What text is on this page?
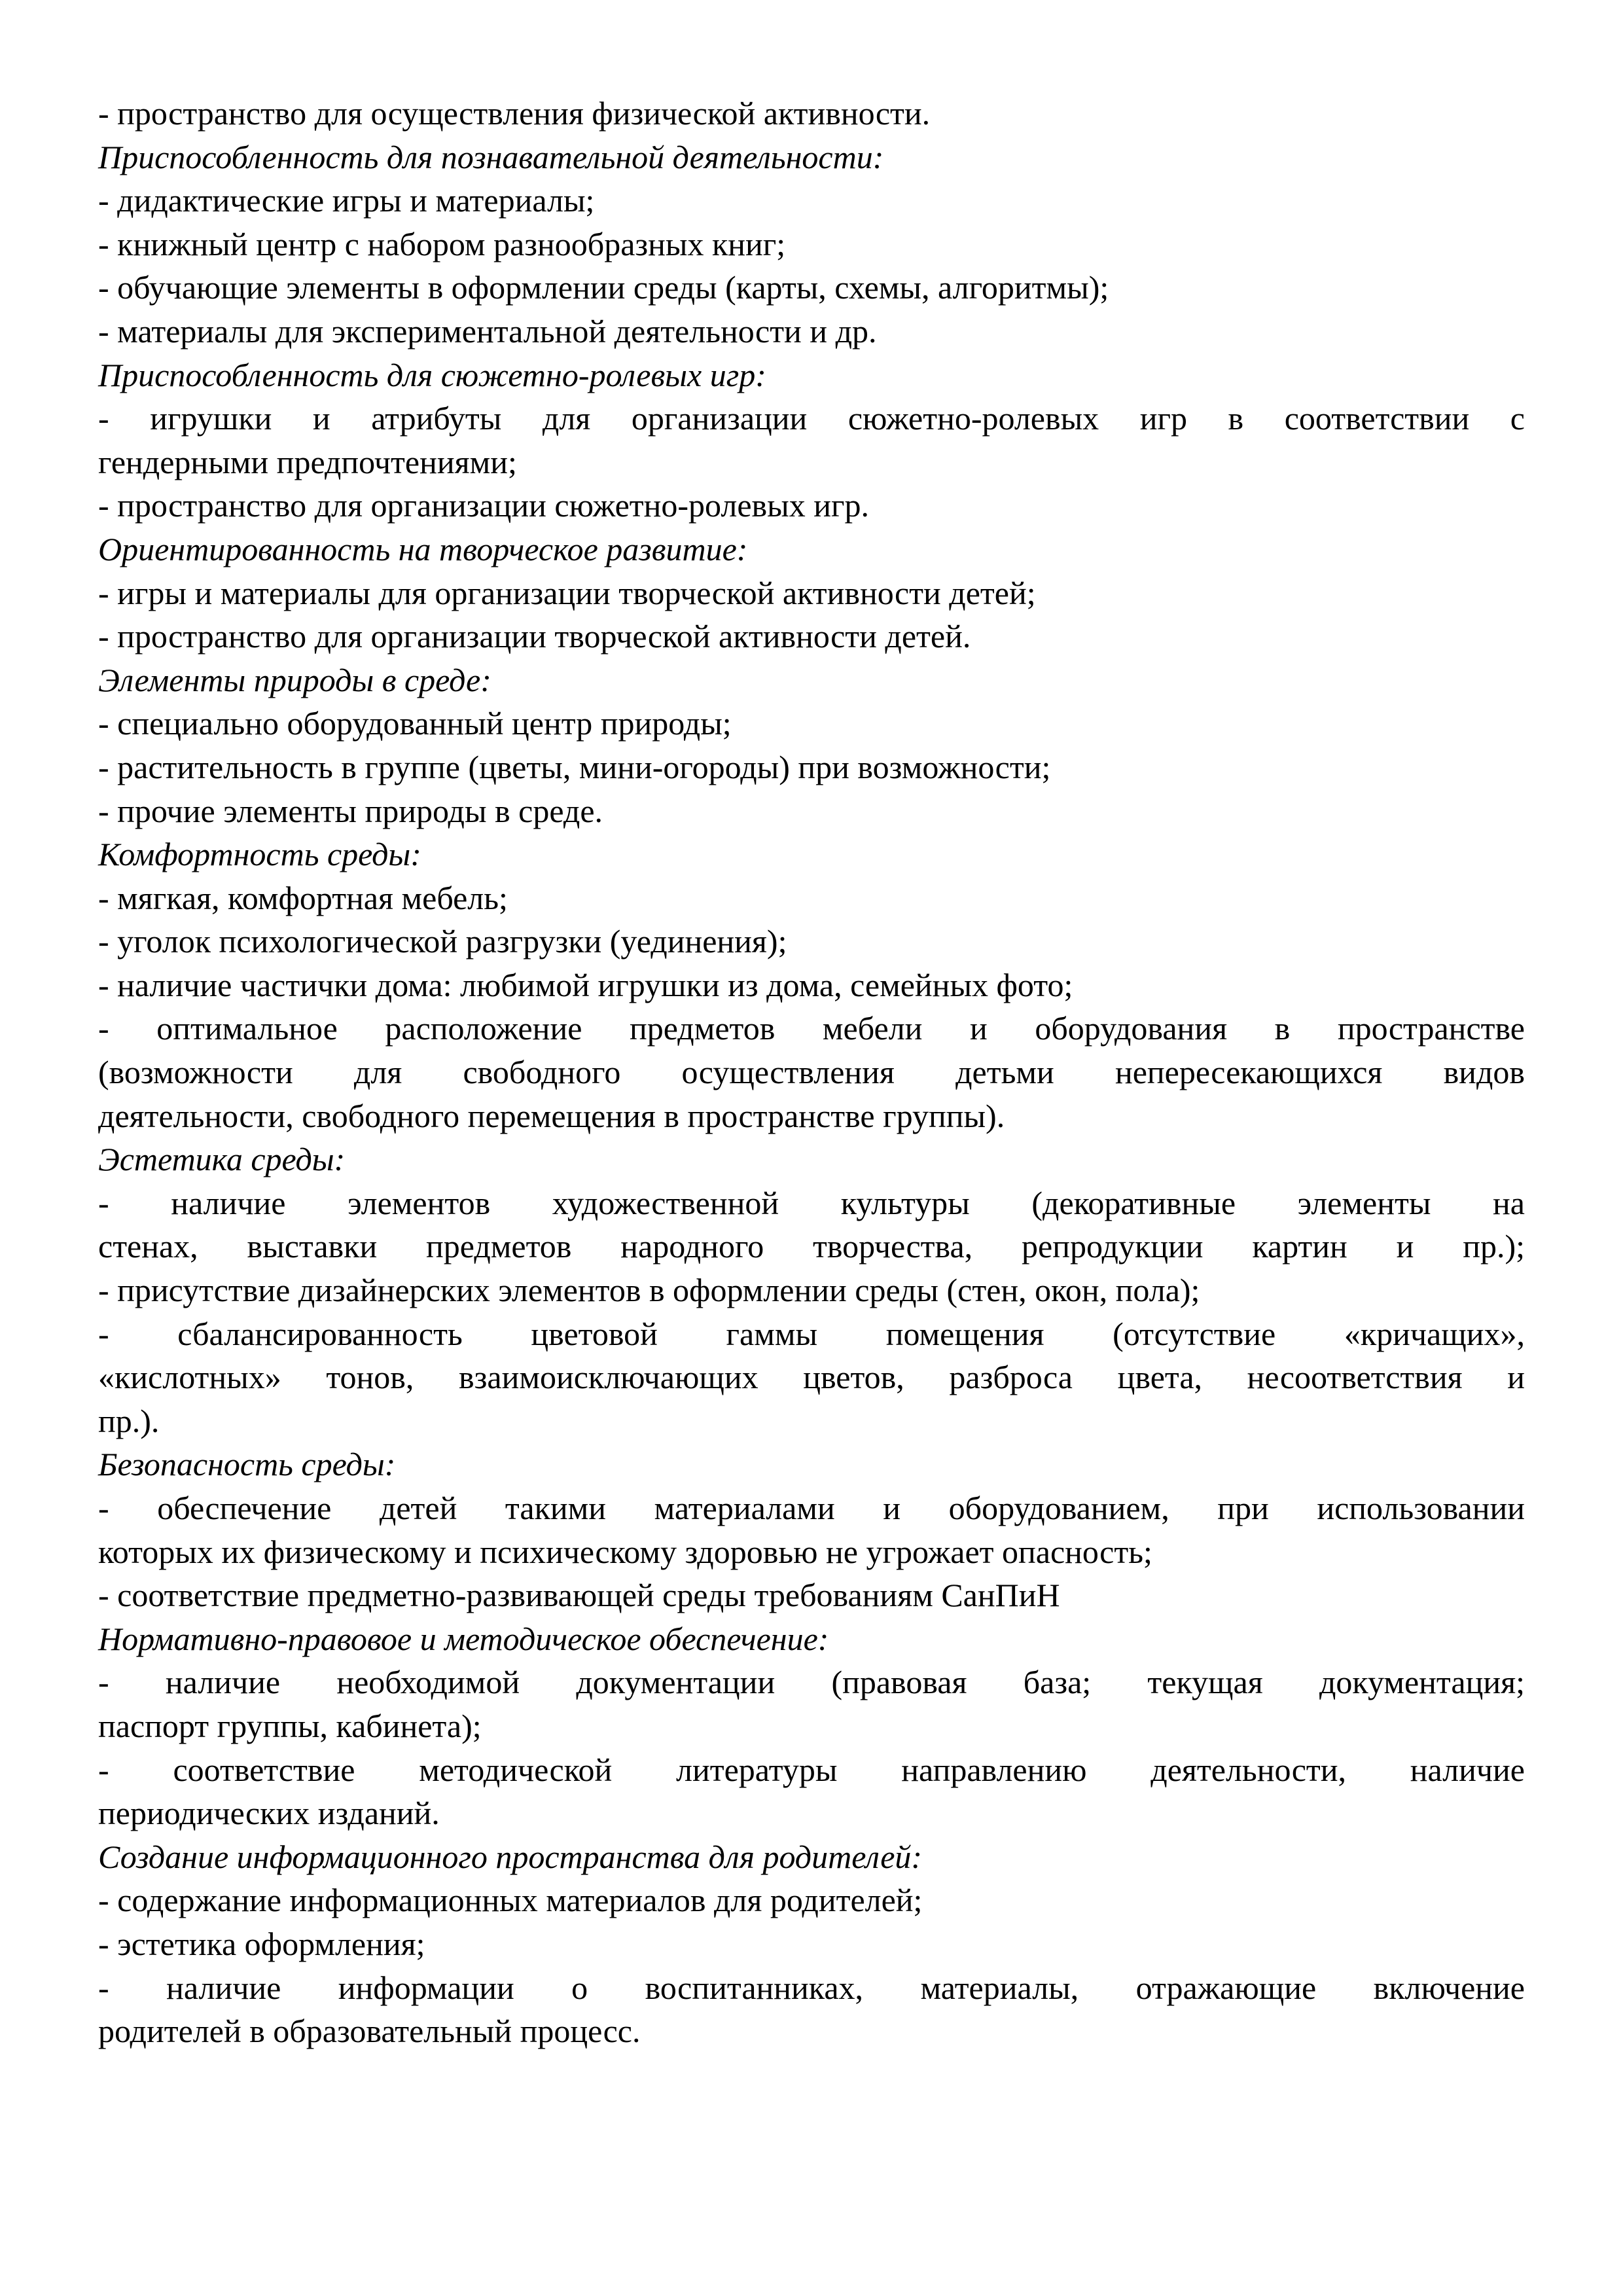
- пространство для осуществления физической активности.
Приспособленность для познавательной деятельности:
- дидактические игры и материалы;
- книжный центр с набором разнообразных книг;
- обучающие элементы в оформлении среды (карты, схемы, алгоритмы);
- материалы для экспериментальной деятельности и др.
Приспособленность для сюжетно-ролевых игр:
- игрушки и атрибуты для организации сюжетно-ролевых игр в соответствии с
гендерными предпочтениями;
- пространство для организации сюжетно-ролевых игр.
Ориентированность на творческое развитие:
- игры и материалы для организации творческой активности детей;
- пространство для организации творческой активности детей.
Элементы природы в среде:
- специально оборудованный центр природы;
- растительность в группе (цветы, мини-огороды) при возможности;
- прочие элементы природы в среде.
Комфортность среды:
- мягкая, комфортная мебель;
- уголок психологической разгрузки (уединения);
- наличие частички дома: любимой игрушки из дома, семейных фото;
- оптимальное расположение предметов мебели и оборудования в пространстве
(возможности для свободного осуществления детьми непересекающихся видов
деятельности, свободного перемещения в пространстве группы).
Эстетика среды:
- наличие элементов художественной культуры (декоративные элементы на
стенах, выставки предметов народного творчества, репродукции картин и пр.);
- присутствие дизайнерских элементов в оформлении среды (стен, окон, пола);
- сбалансированность цветовой гаммы помещения (отсутствие «кричащих»,
«кислотных» тонов, взаимоисключающих цветов, разброса цвета, несоответствия и
пр.).
Безопасность среды:
- обеспечение детей такими материалами и оборудованием, при использовании
которых их физическому и психическому здоровью не угрожает опасность;
- соответствие предметно-развивающей среды требованиям СанПиН
Нормативно-правовое и методическое обеспечение:
- наличие необходимой документации (правовая база; текущая документация;
паспорт группы, кабинета);
- соответствие методической литературы направлению деятельности, наличие
периодических изданий.
Создание информационного пространства для родителей:
- содержание информационных материалов для родителей;
- эстетика оформления;
- наличие информации о воспитанниках, материалы, отражающие включение
родителей в образовательный процесс.
